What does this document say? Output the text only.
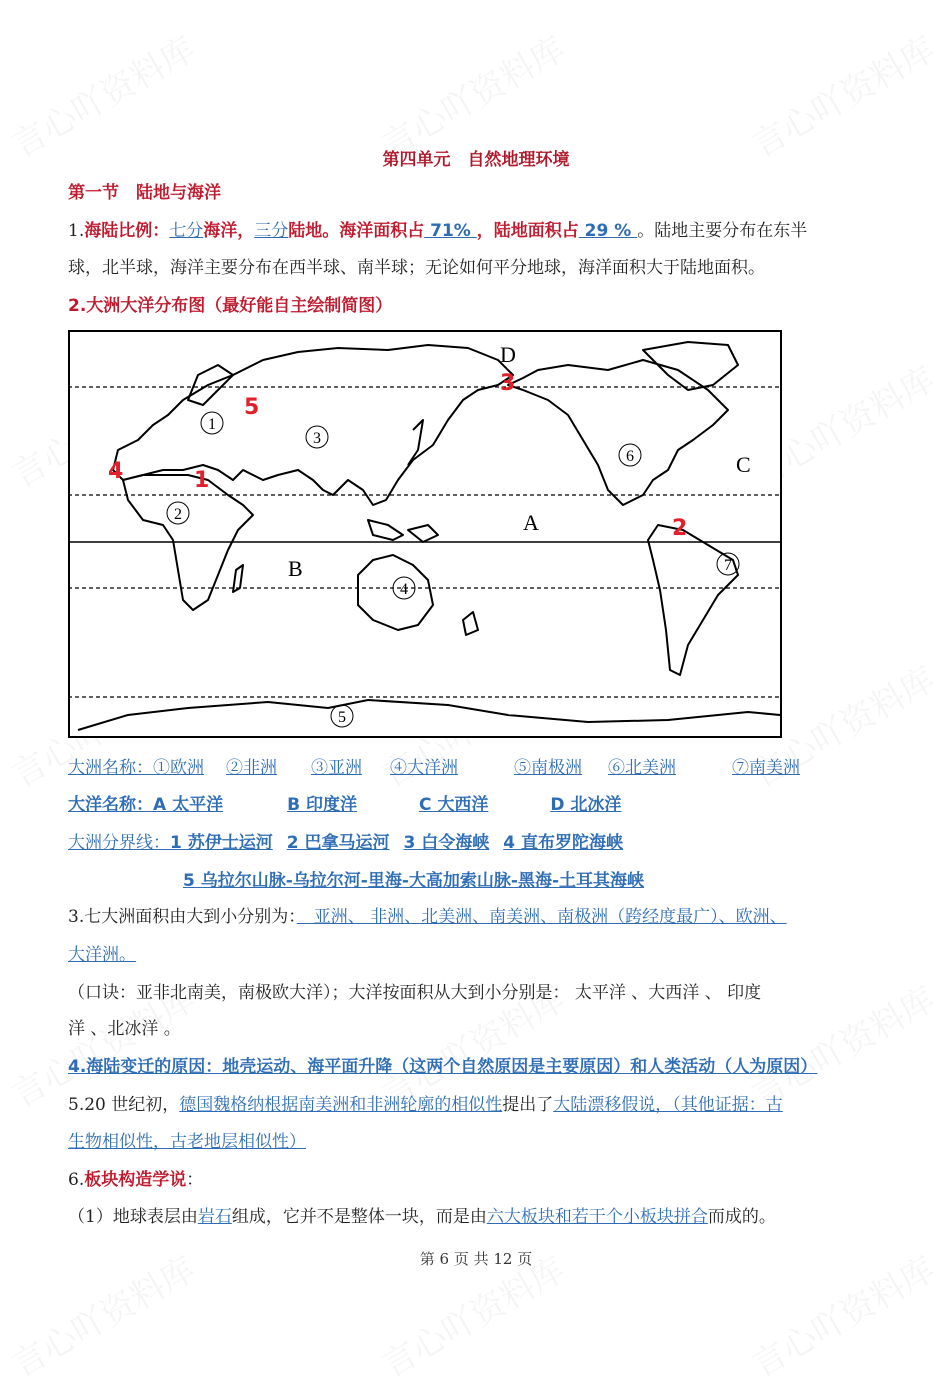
第四单元　自然地理环境
第一节　陆地与海洋
1.海陆比例：七分海洋，三分陆地。海洋面积占 71% ，陆地面积占 29 % 。陆地主要分布在东半
球，北半球，海洋主要分布在西半球、南半球；无论如何平分地球，海洋面积大于陆地面积。
2.大洲大洋分布图（最好能自主绘制简图）
D
C
A
B
1
2
3
4
5
6
7
1
2
3
4
5
大洲名称：①欧洲 ②非洲 ③亚洲 ④大洋洲	⑤南极洲 ⑥北美洲	⑦南美洲
大洋名称：A 太平洋	B 印度洋	C 大西洋	D 北冰洋
大洲分界线：1 苏伊士运河 2 巴拿马运河 3 白令海峡 4 直布罗陀海峡
5 乌拉尔山脉-乌拉尔河-里海-大高加索山脉-黑海-土耳其海峡
3.七大洲面积由大到小分别为：　亚洲、 非洲、北美洲、南美洲、南极洲（跨经度最广）、欧洲、
大洋洲。
（口诀：亚非北南美，南极欧大洋）；大洋按面积从大到小分别是： 太平洋 、大西洋 、 印度
洋 、北冰洋 。
4.海陆变迁的原因：地壳运动、海平面升降（这两个自然原因是主要原因）和人类活动（人为原因）
5.20 世纪初，德国魏格纳根据南美洲和非洲轮廓的相似性提出了大陆漂移假说，（其他证据：古
生物相似性，古老地层相似性）
6.板块构造学说：
（1）地球表层由岩石组成，它并不是整体一块，而是由六大板块和若干个小板块拼合而成的。
第 6 页 共 12 页
